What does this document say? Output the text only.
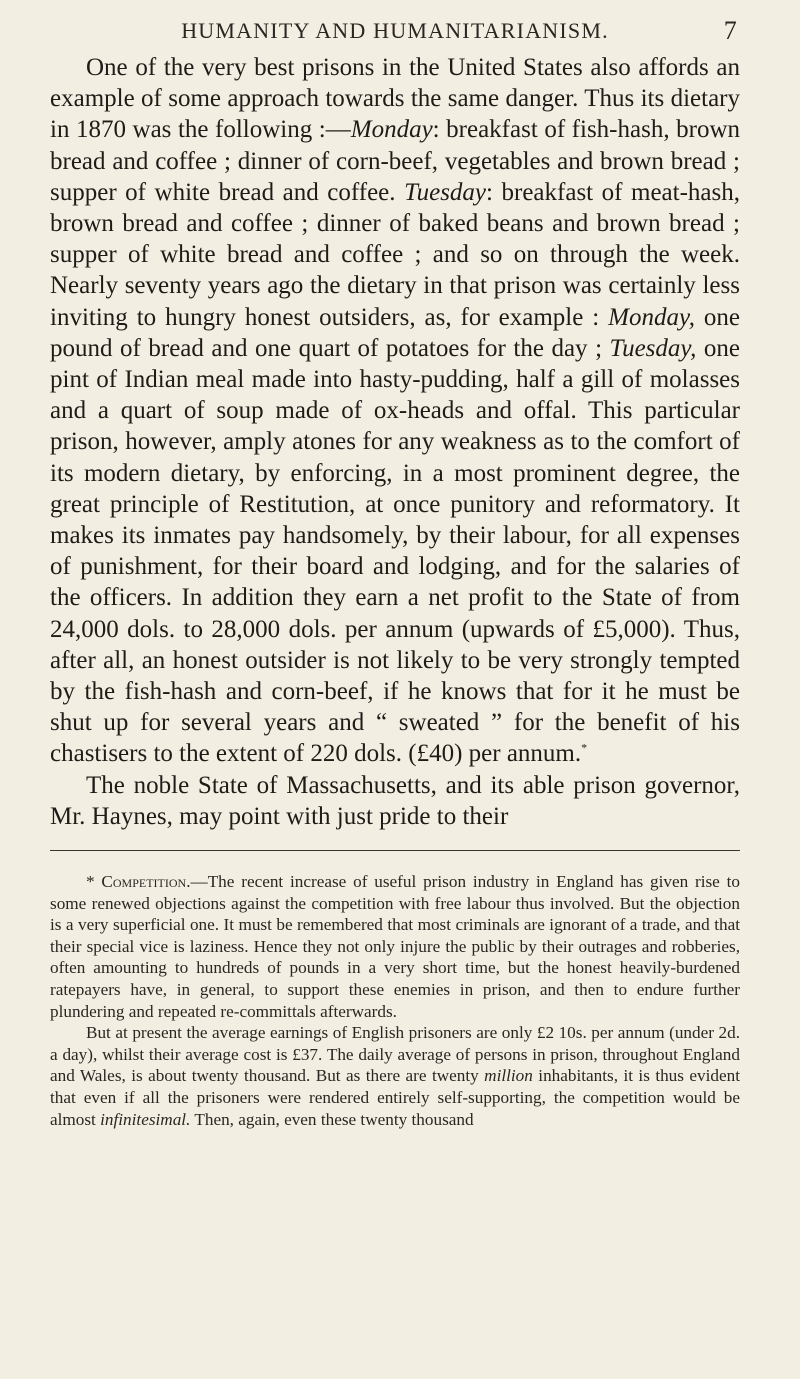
HUMANITY AND HUMANITARIANISM.	7

One of the very best prisons in the United States also affords an example of some approach towards the same danger. Thus its dietary in 1870 was the following :—Monday: breakfast of fish-hash, brown bread and coffee ; dinner of corn-beef, vegetables and brown bread ; supper of white bread and coffee. Tuesday: breakfast of meat-hash, brown bread and coffee ; dinner of baked beans and brown bread ; supper of white bread and coffee ; and so on through the week. Nearly seventy years ago the dietary in that prison was certainly less inviting to hungry honest outsiders, as, for example : Monday, one pound of bread and one quart of potatoes for the day ; Tuesday, one pint of Indian meal made into hasty-pudding, half a gill of molasses and a quart of soup made of ox-heads and offal. This particular prison, however, amply atones for any weakness as to the comfort of its modern dietary, by enforcing, in a most prominent degree, the great principle of Restitution, at once punitory and reformatory. It makes its inmates pay handsomely, by their labour, for all expenses of punishment, for their board and lodging, and for the salaries of the officers. In addition they earn a net profit to the State of from 24,000 dols. to 28,000 dols. per annum (upwards of £5,000). Thus, after all, an honest outsider is not likely to be very strongly tempted by the fish-hash and corn-beef, if he knows that for it he must be shut up for several years and “ sweated ” for the benefit of his chastisers to the extent of 220 dols. (£40) per annum.*

The noble State of Massachusetts, and its able prison governor, Mr. Haynes, may point with just pride to their

* Competition.—The recent increase of useful prison industry in England has given rise to some renewed objections against the competition with free labour thus involved. But the objection is a very superficial one. It must be remembered that most criminals are ignorant of a trade, and that their special vice is laziness. Hence they not only injure the public by their outrages and robberies, often amounting to hundreds of pounds in a very short time, but the honest heavily-burdened ratepayers have, in general, to support these enemies in prison, and then to endure further plundering and repeated re-committals afterwards.

But at present the average earnings of English prisoners are only £2 10s. per annum (under 2d. a day), whilst their average cost is £37. The daily average of persons in prison, throughout England and Wales, is about twenty thousand. But as there are twenty million inhabitants, it is thus evident that even if all the prisoners were rendered entirely self-supporting, the competition would be almost infinitesimal. Then, again, even these twenty thousand
